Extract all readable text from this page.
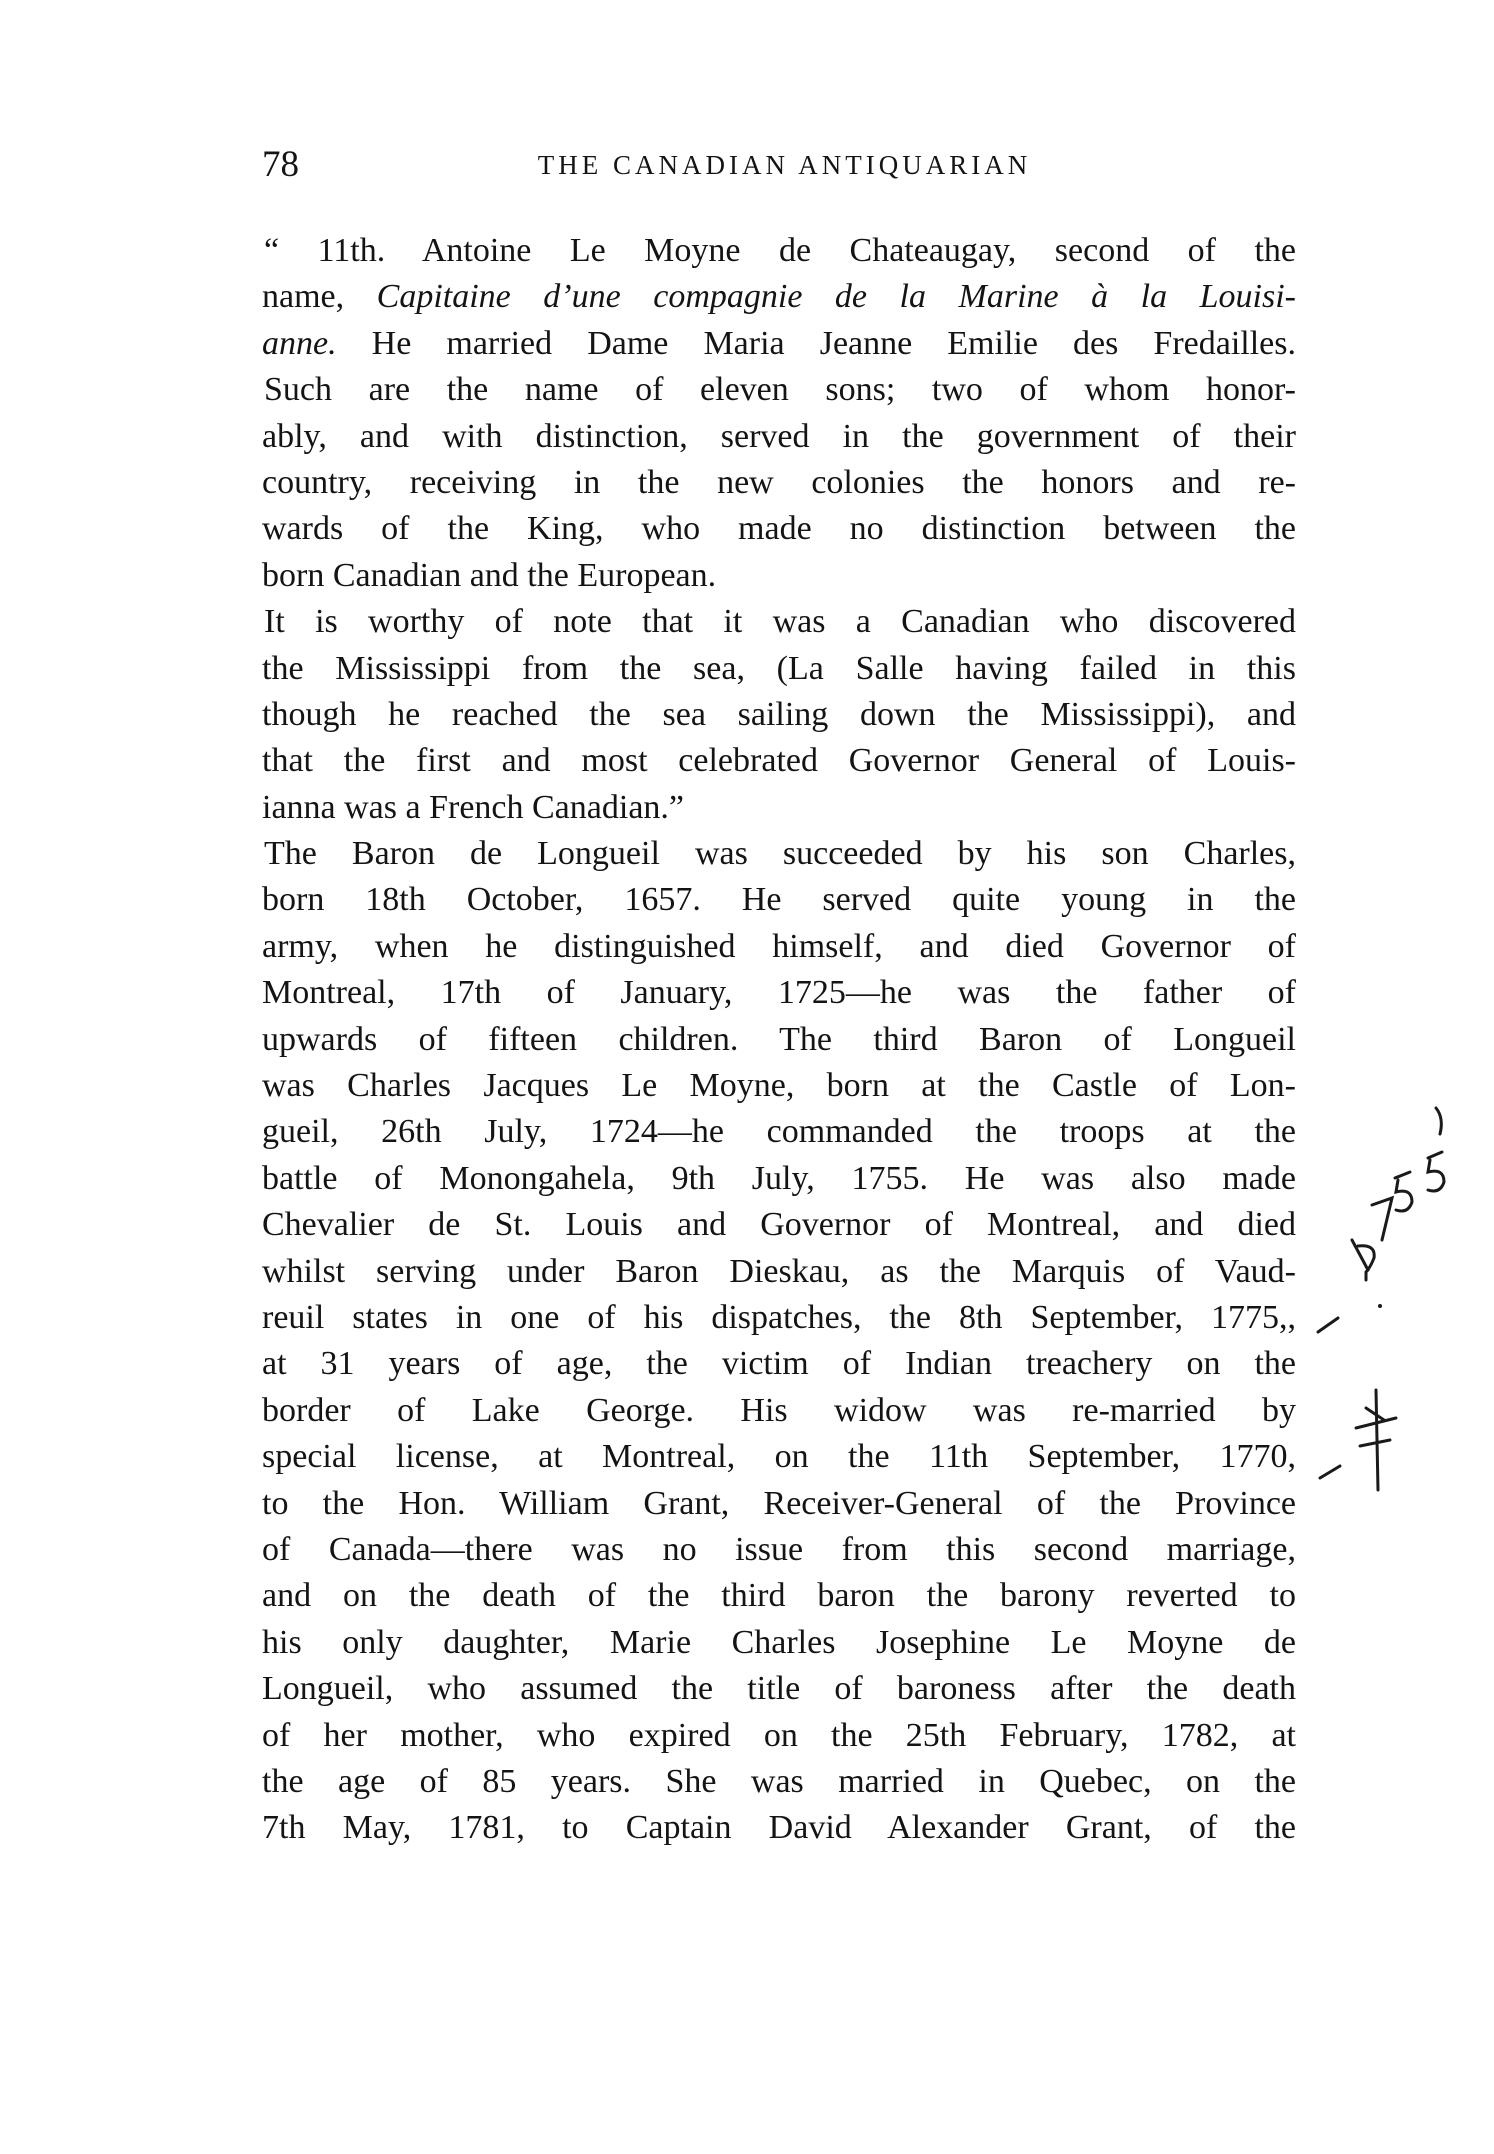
78	THE CANADIAN ANTIQUARIAN
“ 11th. Antoine Le Moyne de Chateaugay, second of the
name, Capitaine d’une compagnie de la Marine à la Louisi-
anne. He married Dame Maria Jeanne Emilie des Fredailles.
Such are the name of eleven sons; two of whom honor-
ably, and with distinction, served in the government of their
country, receiving in the new colonies the honors and re-
wards of the King, who made no distinction between the
born Canadian and the European.
It is worthy of note that it was a Canadian who discovered
the Mississippi from the sea, (La Salle having failed in this
though he reached the sea sailing down the Mississippi), and
that the first and most celebrated Governor General of Louis-
ianna was a French Canadian.”
The Baron de Longueil was succeeded by his son Charles,
born 18th October, 1657. He served quite young in the
army, when he distinguished himself, and died Governor of
Montreal, 17th of January, 1725—he was the father of
upwards of fifteen children. The third Baron of Longueil
was Charles Jacques Le Moyne, born at the Castle of Lon-
gueil, 26th July, 1724—he commanded the troops at the
battle of Monongahela, 9th July, 1755. He was also made
Chevalier de St. Louis and Governor of Montreal, and died
whilst serving under Baron Dieskau, as the Marquis of Vaud-
reuil states in one of his dispatches, the 8th September, 1775,,
at 31 years of age, the victim of Indian treachery on the
border of Lake George. His widow was re-married by
special license, at Montreal, on the 11th September, 1770,
to the Hon. William Grant, Receiver-General of the Province
of Canada—there was no issue from this second marriage,
and on the death of the third baron the barony reverted to
his only daughter, Marie Charles Josephine Le Moyne de
Longueil, who assumed the title of baroness after the death
of her mother, who expired on the 25th February, 1782, at
the age of 85 years. She was married in Quebec, on the
7th May, 1781, to Captain David Alexander Grant, of the
